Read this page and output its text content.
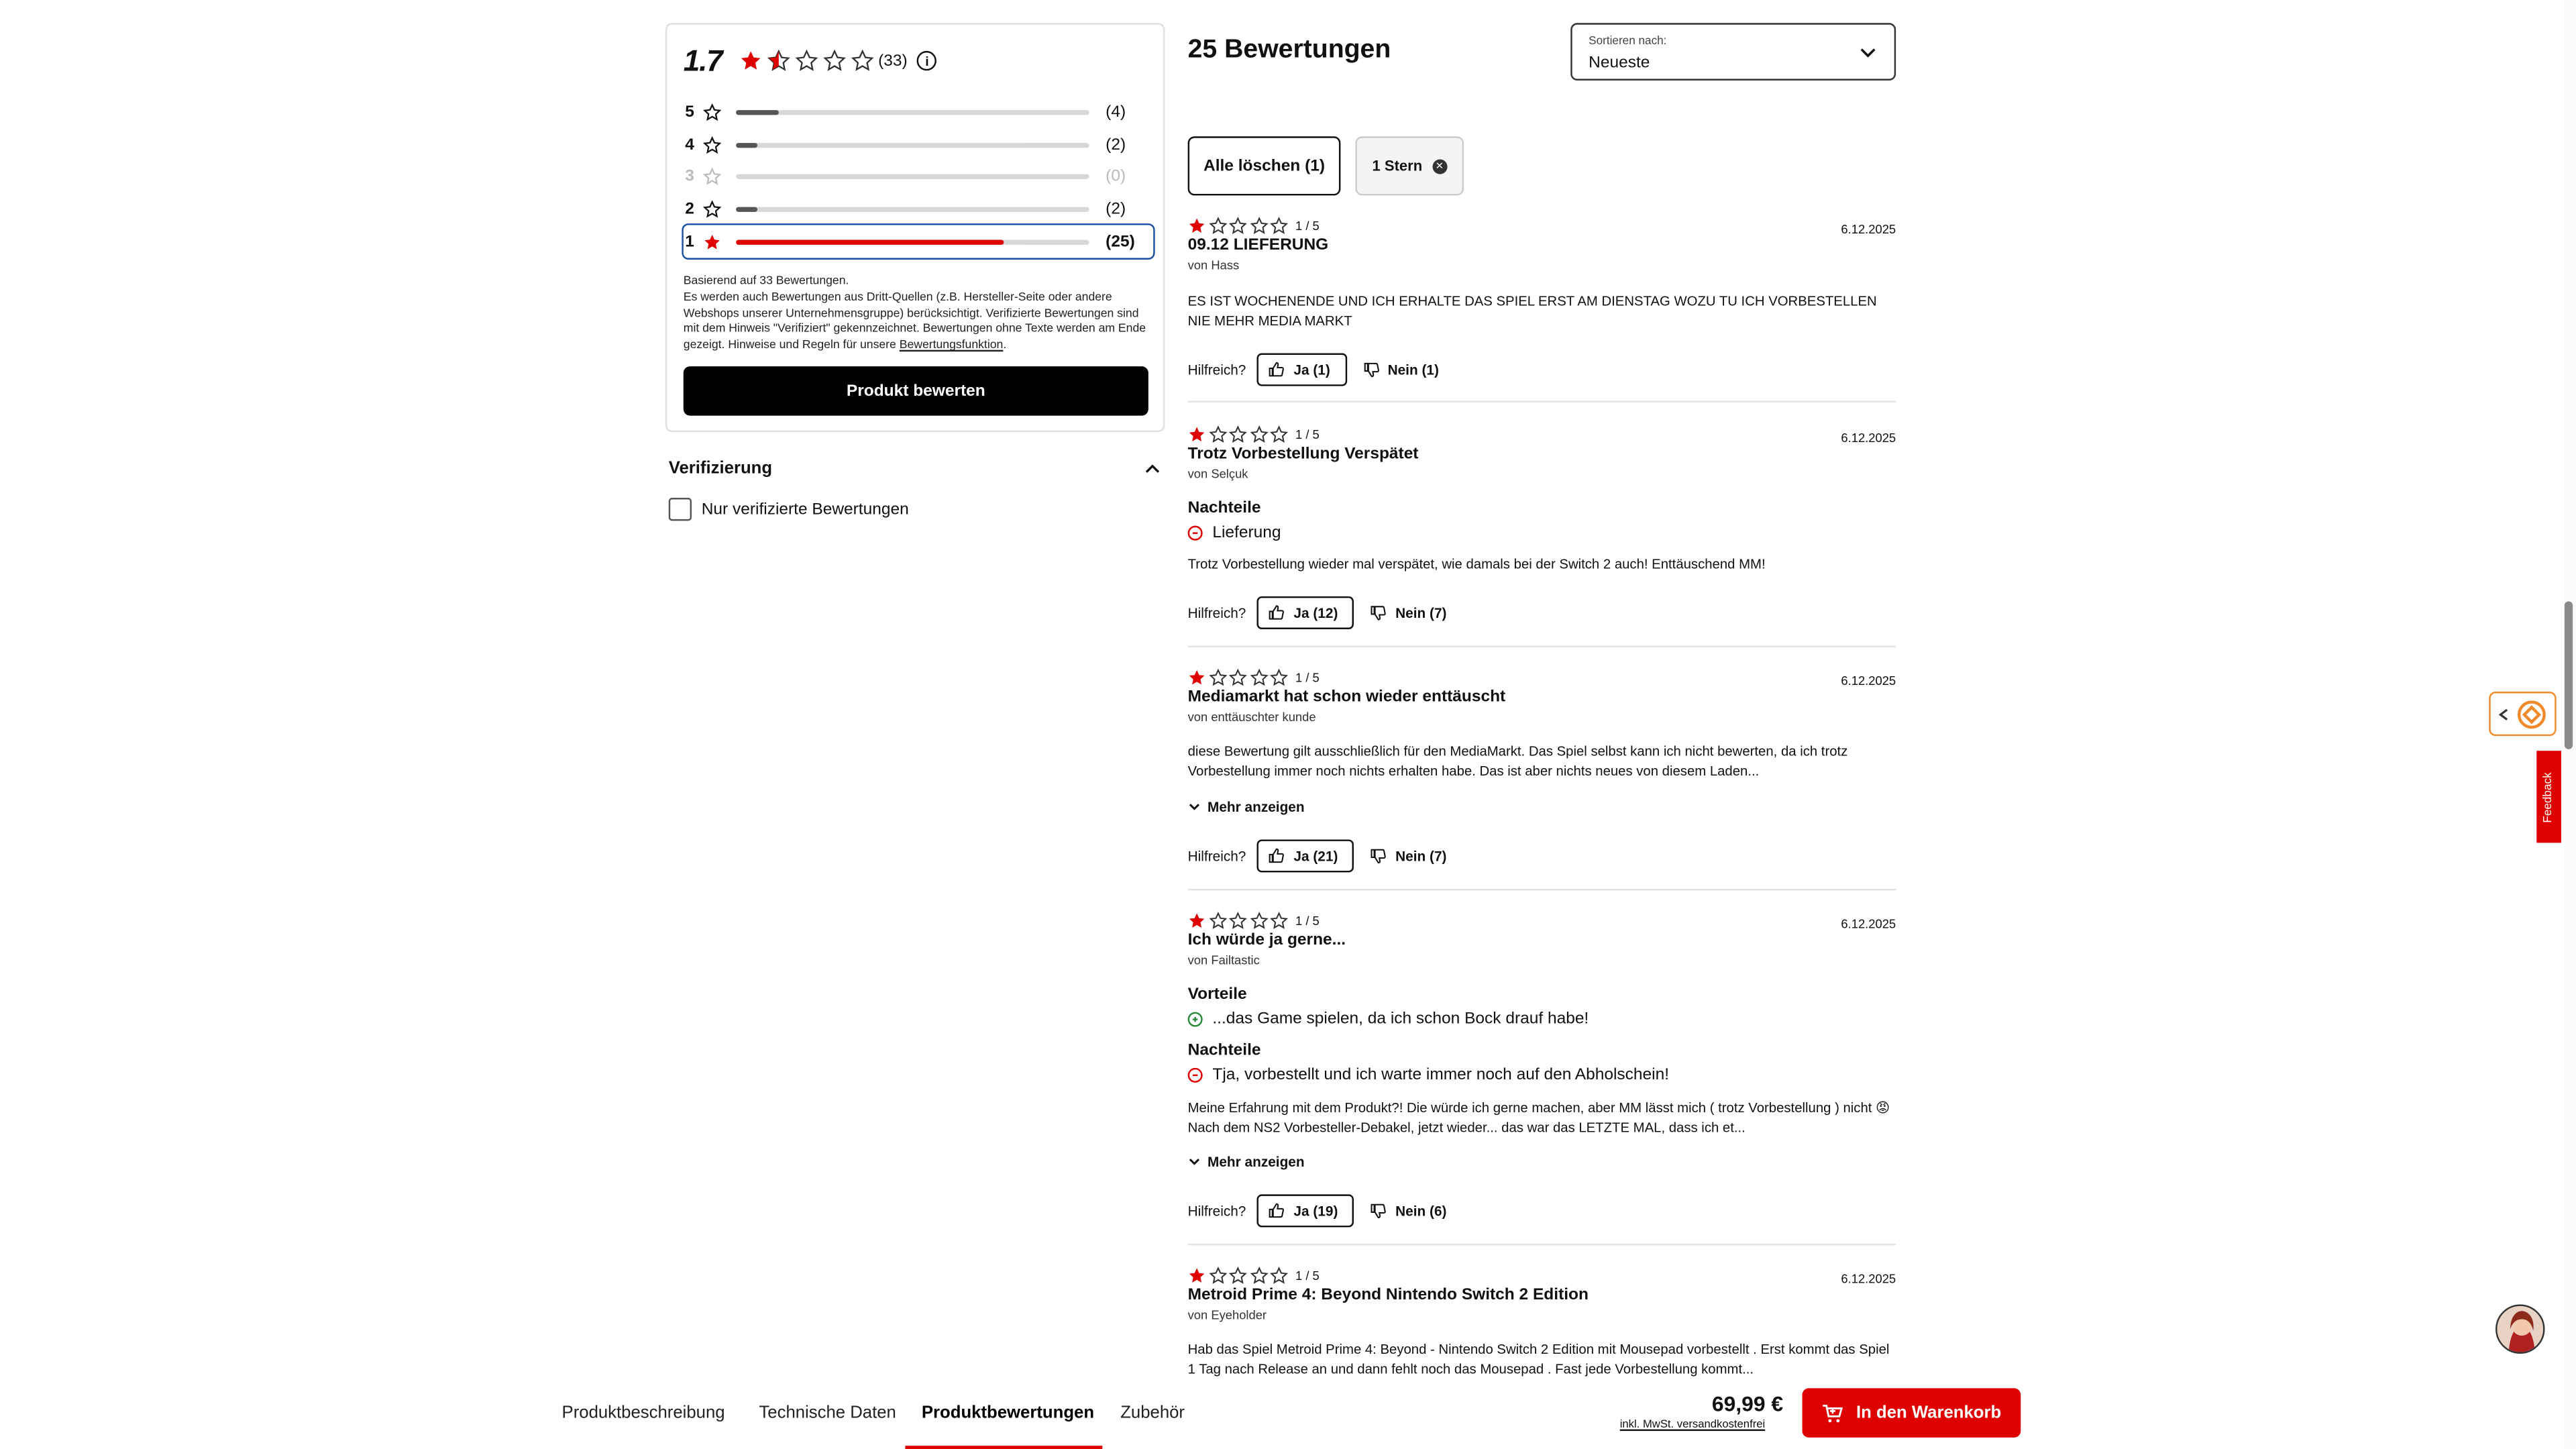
1.7	(33)	i
5	(4)
4	(2)
3	(0)
2	(2)
1	(25)
Basierend auf 33 Bewertungen.
Es werden auch Bewertungen aus Dritt-Quellen (z.B. Hersteller-Seite oder andere Webshops unserer Unternehmensgruppe) berücksichtigt. Verifizierte Bewertungen sind mit dem Hinweis "Verifiziert" gekennzeichnet. Bewertungen ohne Texte werden am Ende gezeigt. Hinweise und Regeln für unsere Bewertungsfunktion.
Produkt bewerten
Verifizierung
Nur verifizierte Bewertungen
25 Bewertungen	Sortieren nach:
Neueste
Alle löschen (1)	1 Stern	✕
1 / 5	6.12.2025
09.12 LIEFERUNG
von Hass
ES IST WOCHENENDE UND ICH ERHALTE DAS SPIEL ERST AM DIENSTAG WOZU TU ICH VORBESTELLEN NIE MEHR MEDIA MARKT
Hilfreich?	Ja (1)	Nein (1)
1 / 5	6.12.2025
Trotz Vorbestellung Verspätet
von Selçuk
Nachteile
Lieferung
Trotz Vorbestellung wieder mal verspätet, wie damals bei der Switch 2 auch! Enttäuschend MM!
Hilfreich?	Ja (12)	Nein (7)
1 / 5	6.12.2025
Mediamarkt hat schon wieder enttäuscht
von enttäuschter kunde
diese Bewertung gilt ausschließlich für den MediaMarkt. Das Spiel selbst kann ich nicht bewerten, da ich trotz Vorbestellung immer noch nichts erhalten habe. Das ist aber nichts neues von diesem Laden...
Mehr anzeigen
Hilfreich?	Ja (21)	Nein (7)
1 / 5	6.12.2025
Ich würde ja gerne...
von Failtastic
Vorteile
...das Game spielen, da ich schon Bock drauf habe!
Nachteile
Tja, vorbestellt und ich warte immer noch auf den Abholschein!
Meine Erfahrung mit dem Produkt?! Die würde ich gerne machen, aber MM lässt mich ( trotz Vorbestellung ) nicht 😡 Nach dem NS2 Vorbesteller-Debakel, jetzt wieder... das war das LETZTE MAL, dass ich et...
Mehr anzeigen
Hilfreich?	Ja (19)	Nein (6)
1 / 5	6.12.2025
Metroid Prime 4: Beyond Nintendo Switch 2 Edition
von Eyeholder
Hab das Spiel Metroid Prime 4: Beyond - Nintendo Switch 2 Edition mit Mousepad vorbestellt . Erst kommt das Spiel 1 Tag nach Release an und dann fehlt noch das Mousepad . Fast jede Vorbestellung kommt...
Produktbeschreibung	Technische Daten	Produktbewertungen	Zubehör	69,99 €
inkl. MwSt. versandkostenfrei
In den Warenkorb
Feedback
